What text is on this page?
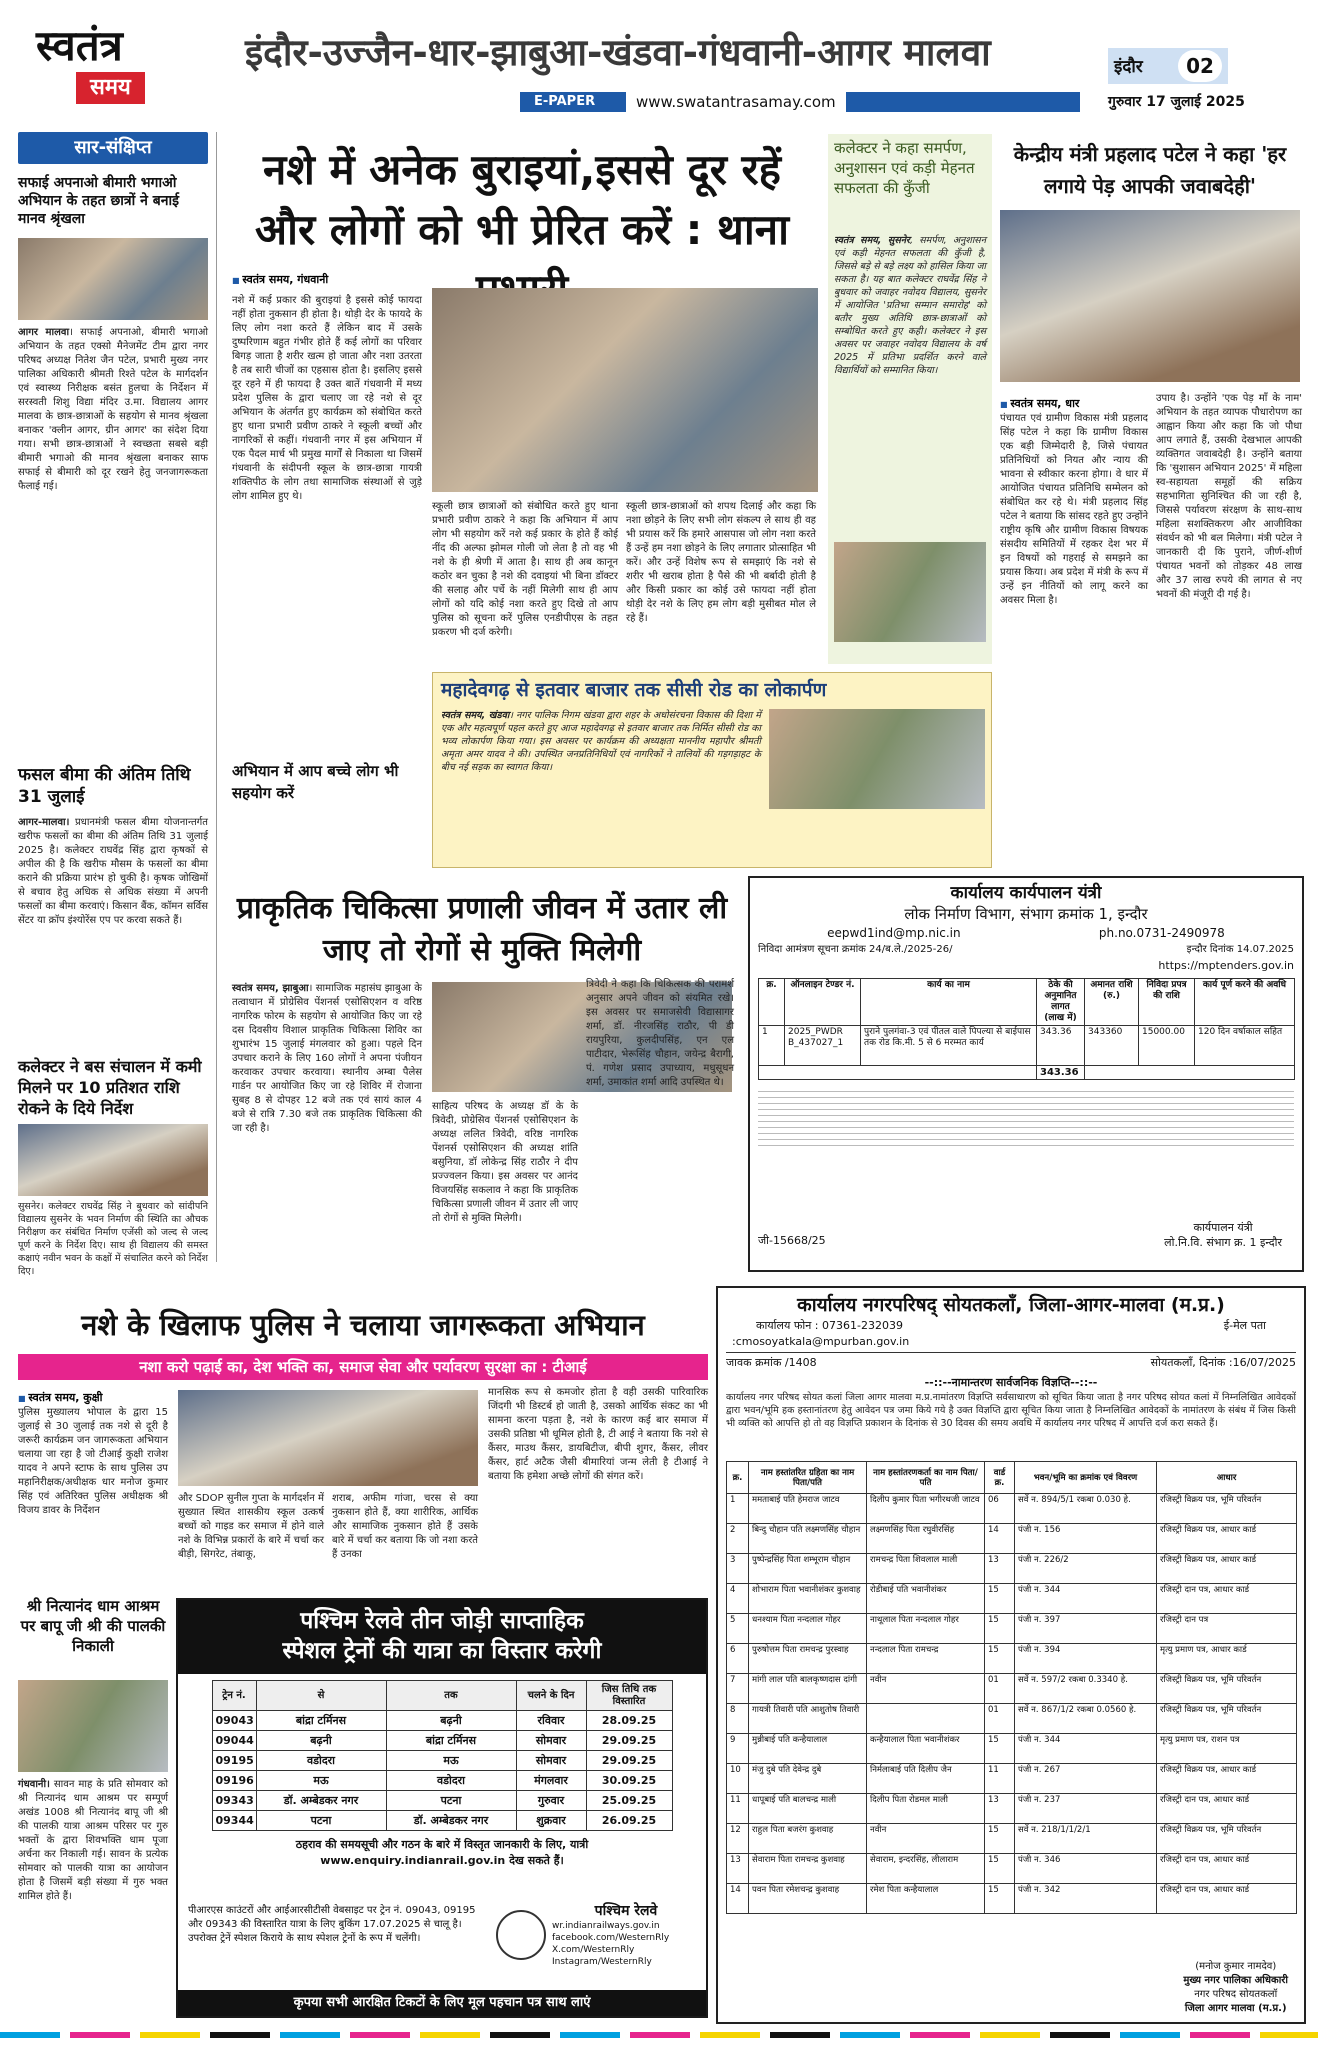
स्वतंत्र
समय
इंदौर-उज्जैन-धार-झाबुआ-खंडवा-गंधवानी-आगर मालवा
E-PAPER	www.swatantrasamay.com
इंदौर	02
गुरुवार 17 जुलाई 2025
सार-संक्षिप्त
सफाई अपनाओ बीमारी भगाओ अभियान के तहत छात्रों ने बनाई मानव श्रृंखला
आगर मालवा। सफाई अपनाओ, बीमारी भगाओ अभियान के तहत एक्सो मैनेजमेंट टीम द्वारा नगर परिषद अध्यक्ष नितेश जैन पटेल, प्रभारी मुख्य नगर पालिका अधिकारी श्रीमती रिश्ते पटेल के मार्गदर्शन एवं स्वास्थ्य निरीक्षक बसंत हुलचा के निर्देशन में सरस्वती शिशु विद्या मंदिर उ.मा. विद्यालय आगर मालवा के छात्र-छात्राओं के सहयोग से मानव श्रृंखला बनाकर 'क्लीन आगर, ग्रीन आगर' का संदेश दिया गया। सभी छात्र-छात्राओं ने स्वच्छता सबसे बड़ी बीमारी भगाओ की मानव श्रृंखला बनाकर साफ सफाई से बीमारी को दूर रखने हेतु जनजागरूकता फैलाई गई।
फसल बीमा की अंतिम तिथि 31 जुलाई
आगर-मालवा। प्रधानमंत्री फसल बीमा योजनान्तर्गत खरीफ फसलों का बीमा की अंतिम तिथि 31 जुलाई 2025 है। कलेक्टर राघवेंद्र सिंह द्वारा कृषकों से अपील की है कि खरीफ मौसम के फसलों का बीमा कराने की प्रक्रिया प्रारंभ हो चुकी है। कृषक जोखिमों से बचाव हेतु अधिक से अधिक संख्या में अपनी फसलों का बीमा करवाएं। किसान बैंक, कॉमन सर्विस सेंटर या क्रॉप इंश्योरेंस एप पर करवा सकते हैं।
कलेक्टर ने बस संचालन में कमी मिलने पर 10 प्रतिशत राशि रोकने के दिये निर्देश
सुसनेर। कलेक्टर राघवेंद्र सिंह ने बुधवार को सांदीपनि विद्यालय सुसनेर के भवन निर्माण की स्थिति का औचक निरीक्षण कर संबंधित निर्माण एजेंसी को जल्द से जल्द पूर्ण करने के निर्देश दिए। साथ ही विद्यालय की समस्त कक्षाएं नवीन भवन के कक्षों में संचालित करने को निर्देश दिए।
नशे में अनेक बुराइयां,इससे दूर रहें और लोगों को भी प्रेरित करें : थाना
■ स्वतंत्र समय, गंधवानी
नशे में कई प्रकार की बुराइयां है इससे कोई फायदा नहीं होता नुकसान ही होता है। थोड़ी देर के फायदे के लिए लोग नशा करते हैं लेकिन बाद में उसके दुष्परिणाम बहुत गंभीर होते हैं कई लोगों का परिवार बिगड़ जाता है शरीर खत्म हो जाता और नशा उतरता है तब सारी चीजों का एहसास होता है। इसलिए इससे दूर रहने में ही फायदा है उक्त बातें गंधवानी में मध्य प्रदेश पुलिस के द्वारा चलाए जा रहे नशे से दूर अभियान के अंतर्गत हुए कार्यक्रम को संबोधित करते हुए थाना प्रभारी प्रवीण ठाकरे ने स्कूली बच्चों और नागरिकों से कहीं। गंधवानी नगर में इस अभियान में एक पैदल मार्च भी प्रमुख मार्गों से निकाला था जिसमें गंधवानी के संदीपनी स्कूल के छात्र-छात्रा गायत्री शक्तिपीठ के लोग तथा सामाजिक संस्थाओं से जुड़े लोग शामिल हुए थे।
स्कूली छात्र छात्राओं को संबोधित करते हुए थाना प्रभारी प्रवीण ठाकरे ने कहा कि अभियान में आप लोग भी सहयोग करें नशे कई प्रकार के होते हैं कोई नींद की अल्फा झोमल गोली जो लेता है तो वह भी नशे के ही श्रेणी में आता है। साथ ही अब कानून कठोर बन चुका है नशे की दवाइयां भी बिना डॉक्टर की सलाह और पर्चे के नहीं मिलेगी साथ ही आप लोगों को यदि कोई नशा करते हुए दिखे तो आप पुलिस को सूचना करें पुलिस एनडीपीएस के तहत प्रकरण भी दर्ज करेगी।
स्कूली छात्र-छात्राओं को शपथ दिलाई और कहा कि नशा छोड़ने के लिए सभी लोग संकल्प ले साथ ही वह भी प्रयास करें कि हमारे आसपास जो लोग नशा करते हैं उन्हें हम नशा छोड़ने के लिए लगातार प्रोत्साहित भी करें। और उन्हें विशेष रूप से समझाएं कि नशे से शरीर भी खराब होता है पैसे की भी बर्बादी होती है और किसी प्रकार का कोई उसे फायदा नहीं होता थोड़ी देर नशे के लिए हम लोग बड़ी मुसीबत मोल ले रहे हैं।
अभियान में आप बच्चे लोग भी सहयोग करें
कलेक्टर ने कहा समर्पण, अनुशासन एवं कड़ी मेहनत सफलता की कुँजी
स्वतंत्र समय, सुसनेर, समर्पण, अनुशासन एवं कड़ी मेहनत सफलता की कुँजी है, जिससे बड़े से बड़े लक्ष्य को हासिल किया जा सकता है। यह बात कलेक्टर राघवेंद्र सिंह ने बुधवार को जवाहर नवोदय विद्यालय, सुसनेर में आयोजित 'प्रतिभा सम्मान समारोह' को बतौर मुख्य अतिथि छात्र-छात्राओं को सम्बोधित करते हुए कही। कलेक्टर ने इस अवसर पर जवाहर नवोदय विद्यालय के वर्ष 2025 में प्रतिभा प्रदर्शित करने वाले विद्यार्थियों को सम्मानित किया।
केन्द्रीय मंत्री प्रहलाद पटेल ने कहा 'हर लगाये पेड़ आपकी जवाबदेही'
■ स्वतंत्र समय, धार
पंचायत एवं ग्रामीण विकास मंत्री प्रहलाद सिंह पटेल ने कहा कि ग्रामीण विकास एक बड़ी जिम्मेदारी है, जिसे पंचायत प्रतिनिधियों को नियत और न्याय की भावना से स्वीकार करना होगा। वे धार में आयोजित पंचायत प्रतिनिधि सम्मेलन को संबोधित कर रहे थे। मंत्री प्रहलाद सिंह पटेल ने बताया कि सांसद रहते हुए उन्होंने राष्ट्रीय कृषि और ग्रामीण विकास विषयक संसदीय समितियों में रहकर देश भर में इन विषयों को गहराई से समझने का प्रयास किया। अब प्रदेश में मंत्री के रूप में उन्हें इन नीतियों को लागू करने का अवसर मिला है।
उपाय है। उन्होंने 'एक पेड़ माँ के नाम' अभियान के तहत व्यापक पौधारोपण का आह्वान किया और कहा कि जो पौधा आप लगाते हैं, उसकी देखभाल आपकी व्यक्तिगत जवाबदेही है। उन्होंने बताया कि 'सुशासन अभियान 2025' में महिला स्व-सहायता समूहों की सक्रिय सहभागिता सुनिश्चित की जा रही है, जिससे पर्यावरण संरक्षण के साथ-साथ महिला सशक्तिकरण और आजीविका संवर्धन को भी बल मिलेगा। मंत्री पटेल ने जानकारी दी कि पुराने, जीर्ण-शीर्ण पंचायत भवनों को तोड़कर 48 लाख और 37 लाख रुपये की लागत से नए भवनों की मंजूरी दी गई है।
महादेवगढ़ से इतवार बाजार तक सीसी रोड का लोकार्पण
स्वतंत्र समय, खंडवा। नगर पालिक निगम खंडवा द्वारा शहर के अधोसंरचना विकास की दिशा में एक और महत्वपूर्ण पहल करते हुए आज महादेवगढ़ से इतवार बाजार तक निर्मित सीसी रोड का भव्य लोकार्पण किया गया। इस अवसर पर कार्यक्रम की अध्यक्षता माननीय महापौर श्रीमती अमृता अमर यादव ने की। उपस्थित जनप्रतिनिधियों एवं नागरिकों ने तालियों की गड़गड़ाहट के बीच नई सड़क का स्वागत किया।
प्राकृतिक चिकित्सा प्रणाली जीवन में उतार ली जाए तो रोगों से मुक्ति मिलेगी
स्वतंत्र समय, झाबुआ। सामाजिक महासंघ झाबुआ के तत्वाधान में प्रोग्रेसिव पेंशनर्स एसोसिएशन व वरिष्ठ नागरिक फोरम के सहयोग से आयोजित किए जा रहे दस दिवसीय विशाल प्राकृतिक चिकित्सा शिविर का शुभारंभ 15 जुलाई मंगलवार को हुआ। पहले दिन उपचार कराने के लिए 160 लोगों ने अपना पंजीयन करवाकर उपचार करवाया। स्थानीय अम्बा पैलेस गार्डन पर आयोजित किए जा रहे शिविर में रोजाना सुबह 8 से दोपहर 12 बजे तक एवं सायं काल 4 बजे से रात्रि 7.30 बजे तक प्राकृतिक चिकित्सा की जा रही है।
साहित्य परिषद के अध्यक्ष डॉ के के त्रिवेदी, प्रोग्रेसिव पेंशनर्स एसोसिएशन के अध्यक्ष ललित त्रिवेदी, वरिष्ठ नागरिक पेंशनर्स एसोसिएशन की अध्यक्ष शांति बसुनिया, डॉ लोकेन्द्र सिंह राठौर ने दीप प्रज्ज्वलन किया। इस अवसर पर आनंद विजयसिंह सकलाव ने कहा कि प्राकृतिक चिकित्सा प्रणाली जीवन में उतार ली जाए तो रोगों से मुक्ति मिलेगी।
त्रिवेदी ने कहा कि चिकित्सक की परामर्श अनुसार अपने जीवन को संयमित रखे। इस अवसर पर समाजसेवी विद्यासागर शर्मा, डॉ. नीरजसिंह राठौर, पी डी रायपुरिया, कुलदीपसिंह, एन एल पाटीदार, भेरूसिंह चौहान, जयेन्द्र बैरागी, पं. गणेश प्रसाद उपाध्याय, मधुसूधन शर्मा, उमाकांत शर्मा आदि उपस्थित थे।
कार्यालय कार्यपालन यंत्री
लोक निर्माण विभाग, संभाग क्रमांक 1, इन्दौर
eepwd1ind@mp.nic.in	ph.no.0731-2490978
निविदा आमंत्रण सूचना क्रमांक 24/ब.ले./2025-26/	इन्दौर दिनांक 14.07.2025
https://mptenders.gov.in
क्र.	ऑनलाइन टेण्डर नं.	कार्य का नाम	ठेके की अनुमानित लागत (लाख में)	अमानत राशि (रु.)	निविदा प्रपत्र की राशि	कार्य पूर्ण करने की अवधि
1	2025_PWDR B_437027_1	पुराने पुलगंवा-3 एवं पीतल वाले पिपल्या से बाईपास तक रोड कि.मी. 5 से 6 मरम्मत कार्य	343.36	343360	15000.00	120 दिन वर्षाकाल सहित
			343.36			
जी-15668/25
कार्यपालन यंत्री
लो.नि.वि. संभाग क्र. 1 इन्दौर
नशे के खिलाफ पुलिस ने चलाया जागरूकता अभियान
नशा करो पढ़ाई का, देश भक्ति का, समाज सेवा और पर्यावरण सुरक्षा का : टीआई
■ स्वतंत्र समय, कुक्षी
पुलिस मुख्यालय भोपाल के द्वारा 15 जुलाई से 30 जुलाई तक नशे से दूरी है जरूरी कार्यक्रम जन जागरूकता अभियान चलाया जा रहा है जो टीआई कुक्षी राजेश यादव ने अपने स्टाफ के साथ पुलिस उप महानिरीक्षक/अधीक्षक धार मनोज कुमार सिंह एवं अतिरिक्त पुलिस अधीक्षक श्री विजय डावर के निर्देशन
और SDOP सुनील गुप्ता के मार्गदर्शन में सुख्यात स्थित शासकीय स्कूल उत्कर्ष बच्चों को गाइड कर समाज में होने वाले नशे के विभिन्न प्रकारों के बारे में चर्चा कर बीड़ी, सिगरेट, तंबाकू,
शराब, अफीम गांजा, चरस से क्या नुकसान होते हैं, क्या शारीरिक, आर्थिक और सामाजिक नुकसान होते हैं उसके बारे में चर्चा कर बताया कि जो नशा करते हैं उनका
मानसिक रूप से कमजोर होता है वही उसकी पारिवारिक जिंदगी भी डिस्टर्ब हो जाती है, उसको आर्थिक संकट का भी सामना करना पड़ता है, नशे के कारण कई बार समाज में उसकी प्रतिष्ठा भी धूमिल होती है, टी आई ने बताया कि नशे से कैंसर, माउथ कैंसर, डायबिटीज, बीपी शुगर, कैंसर, लीवर कैंसर, हार्ट अटैक जैसी बीमारियां जन्म लेती है टीआई ने बताया कि हमेशा अच्छे लोगों की संगत करें।
श्री नित्यानंद धाम आश्रम पर बापू जी श्री की पालकी निकाली
गंधवानी। सावन माह के प्रति सोमवार को श्री नित्यानंद धाम आश्रम पर सम्पूर्ण अखंड 1008 श्री नित्यानंद बापू जी श्री की पालकी यात्रा आश्रम परिसर पर गुरु भक्तों के द्वारा शिवभक्ति धाम पूजा अर्चना कर निकाली गई। सावन के प्रत्येक सोमवार को पालकी यात्रा का आयोजन होता है जिसमें बड़ी संख्या में गुरु भक्त शामिल होते हैं।
पश्चिम रेलवे तीन जोड़ी साप्ताहिक
स्पेशल ट्रेनों की यात्रा का विस्तार करेगी
ट्रेन नं.	से	तक	चलने के दिन	जिस तिथि तक विस्तारित
09043	बांद्रा टर्मिनस	बढ़नी	रविवार	28.09.25
09044	बढ़नी	बांद्रा टर्मिनस	सोमवार	29.09.25
09195	वडोदरा	मऊ	सोमवार	29.09.25
09196	मऊ	वडोदरा	मंगलवार	30.09.25
09343	डॉ. अम्बेडकर नगर	पटना	गुरुवार	25.09.25
09344	पटना	डॉ. अम्बेडकर नगर	शुक्रवार	26.09.25
ठहराव की समयसूची और गठन के बारे में विस्तृत जानकारी के लिए, यात्री www.enquiry.indianrail.gov.in देख सकते हैं।
पीआरएस काउंटरों और आईआरसीटीसी वेबसाइट पर ट्रेन नं. 09043, 09195 और 09343 की विस्तारित यात्रा के लिए बुकिंग 17.07.2025 से चालू है। उपरोक्त ट्रेनें स्पेशल किराये के साथ स्पेशल ट्रेनों के रूप में चलेंगी।
पश्चिम रेलवे
wr.indianrailways.gov.in
facebook.com/WesternRly
X.com/WesternRly
Instagram/WesternRly
कृपया सभी आरक्षित टिकटों के लिए मूल पहचान पत्र साथ लाएं
कार्यालय नगरपरिषद् सोयतकलाँ, जिला-आगर-मालवा (म.प्र.)
कार्यालय फोन : 07361-232039	ई-मेल पता
:cmosoyatkala@mpurban.gov.in
जावक क्रमांक /1408	सोयतकलाँ, दिनांक :16/07/2025
--::--नामान्तरण सार्वजनिक विज्ञप्ति--::--
कार्यालय नगर परिषद सोयत कलां जिला आगर मालवा म.प्र.नामांतरण विज्ञप्ति सर्वसाधारण को सूचित किया जाता है नगर परिषद सोयत कलां में निम्नलिखित आवेदकों द्वारा भवन/भूमि हक हस्तानांतरण हेतु आवेदन पत्र जमा किये गये है उक्त विज्ञप्ति द्वारा सूचित किया जाता है निम्नलिखित आवेदकों के नामांतरण के संबंध में जिस किसी भी व्यक्ति को आपत्ति हो तो वह विज्ञप्ति प्रकाशन के दिनांक से 30 दिवस की समय अवधि में कार्यालय नगर परिषद में आपत्ति दर्ज करा सकते हैं।
क्र.	नाम हस्तांतरित ग्रहिता का नाम पिता/पति	नाम हस्तांतरणकर्ता का नाम पिता/पति	वार्ड क्र.	भवन/भूमि का क्रमांक एवं विवरण	आधार
1	ममताबाई पति हेमराज जाटव	दिलीप कुमार पिता भगीरथजी जाटव	06	सर्वे न. 894/5/1 रकबा 0.030 हे.	रजिस्ट्री विक्रय पत्र, भूमि परिवर्तन
2	बिन्दु चौहान पति लक्ष्मणसिंह चौहान	लक्ष्मणसिंह पिता रघुवीरसिंह	14	पंजी न. 156	रजिस्ट्री विक्रय पत्र, आधार कार्ड
3	पुष्पेन्द्रसिंह पिता शम्भूराम चौहान	रामचन्द्र पिता शिवलाल माली	13	पंजी न. 226/2	रजिस्ट्री विक्रय पत्र, आधार कार्ड
4	शोभाराम पिता भवानीशंकर कुशवाह	रोडीबाई पति भवानीशंकर	15	पंजी न. 344	रजिस्ट्री दान पत्र, आधार कार्ड
5	धनश्याम पिता नन्दलाल गोहर	नाथूलाल पिता नन्दलाल गोहर	15	पंजी न. 397	रजिस्ट्री दान पत्र
6	पुरुषोत्तम पिता रामचन्द्र पुरस्वाह	नन्दलाल पिता रामचन्द्र	15	पंजी न. 394	मृत्यु प्रमाण पत्र, आधार कार्ड
7	मांगी लाल पति बालकृष्णदास दांगी	नवीन	01	सर्वे न. 597/2 रकबा 0.3340 हे.	रजिस्ट्री विक्रय पत्र, भूमि परिवर्तन
8	गायत्री तिवारी पति आशुतोष तिवारी		01	सर्वे न. 867/1/2 रकबा 0.0560 हे.	रजिस्ट्री विक्रय पत्र, भूमि परिवर्तन
9	मुन्नीबाई पति कन्हैयालाल	कन्हैयालाल पिता भवानीशंकर	15	पंजी न. 344	मृत्यु प्रमाण पत्र, राशन पत्र
10	मंजु दुबे पति देवेन्द्र दुबे	निर्मलाबाई पति दिलीप जैन	11	पंजी न. 267	रजिस्ट्री विक्रय पत्र, आधार कार्ड
11	धापूबाई पति बालचन्द्र माली	दिलीप पिता रोडमल माली	13	पंजी न. 237	रजिस्ट्री दान पत्र, आधार कार्ड
12	राहुल पिता बजरंग कुशवाह	नवीन	15	सर्वे न. 218/1/1/2/1	रजिस्ट्री विक्रय पत्र, भूमि परिवर्तन
13	सेवाराम पिता रामचन्द्र कुशवाह	सेवाराम, इन्दरसिंह, लीलाराम	15	पंजी न. 346	रजिस्ट्री दान पत्र, आधार कार्ड
14	पवन पिता रमेशचन्द्र कुशवाह	रमेश पिता कन्हैयालाल	15	पंजी न. 342	रजिस्ट्री दान पत्र, आधार कार्ड
(मनोज कुमार नामदेव)
मुख्य नगर पालिका अधिकारी
नगर परिषद सोयतकलॉ
जिला आगर मालवा (म.प्र.)
